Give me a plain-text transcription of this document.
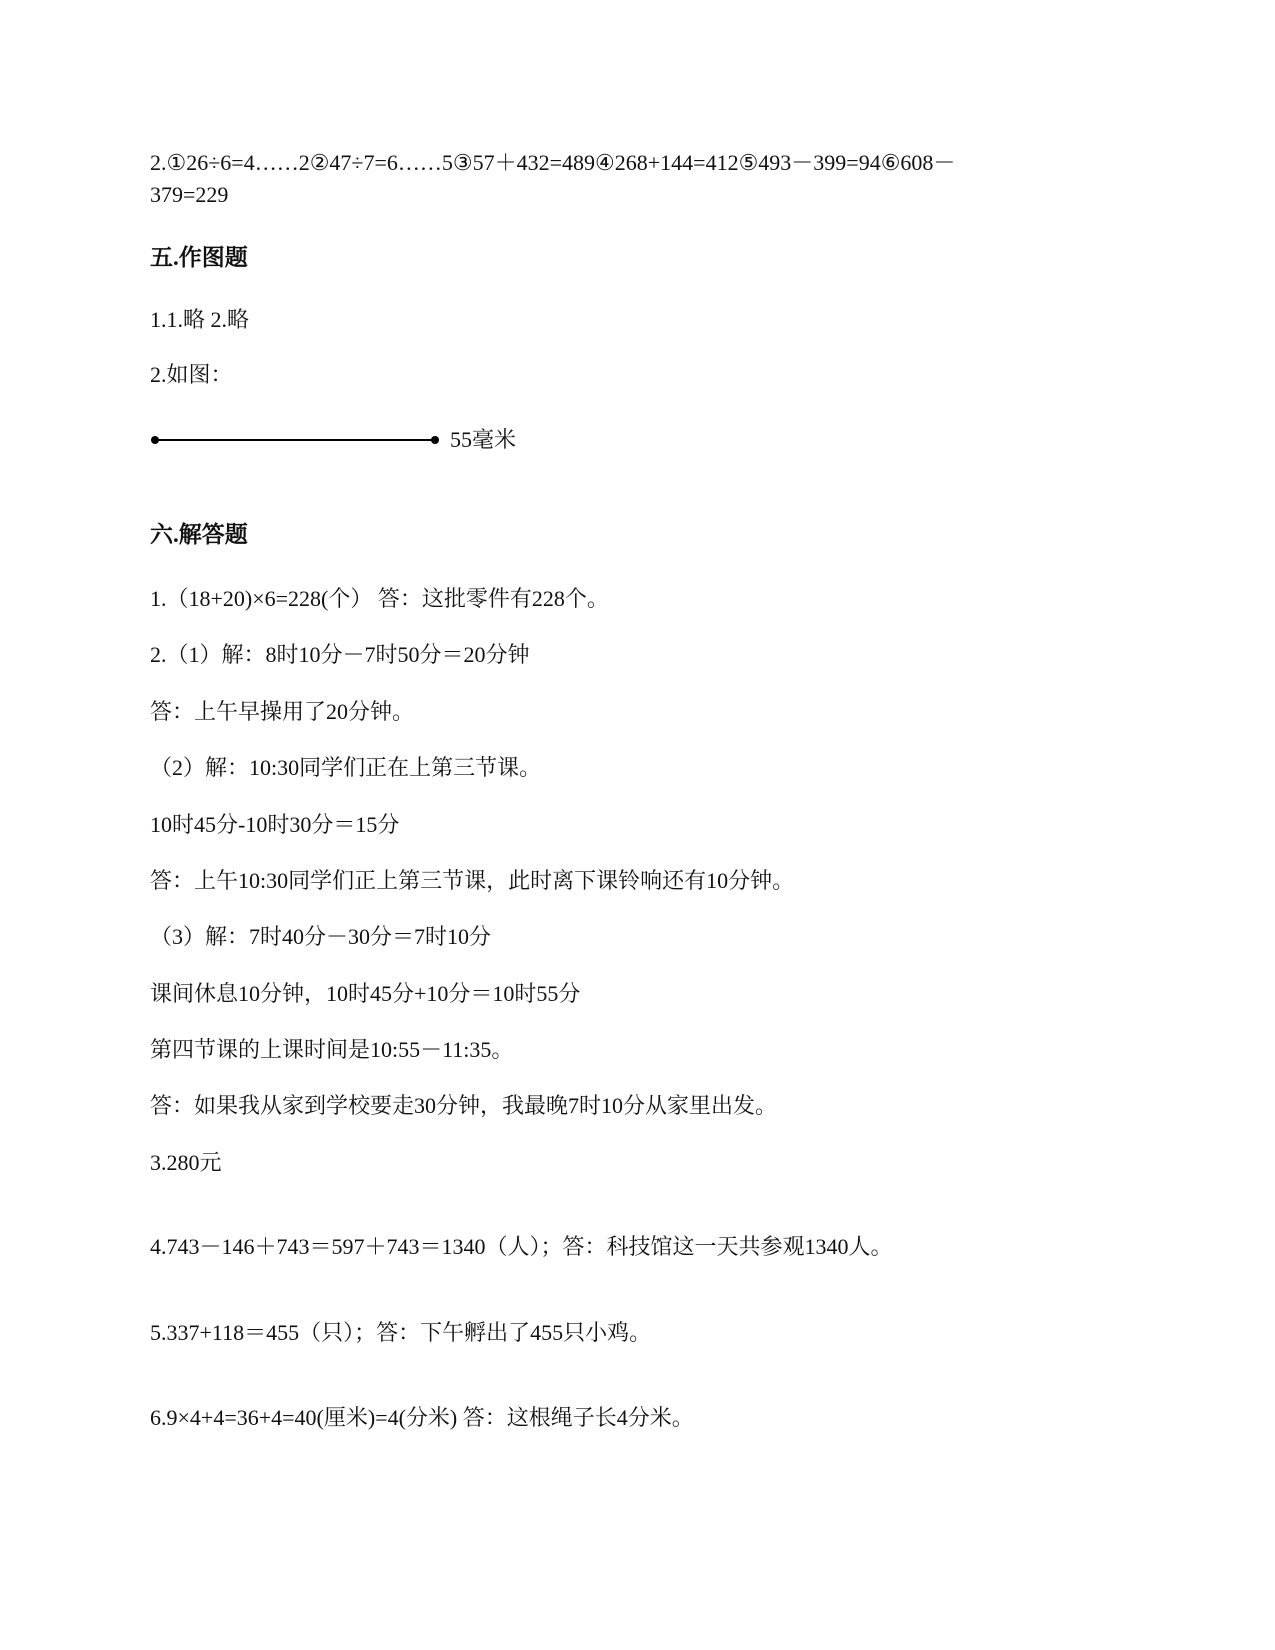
2.①26÷6=4……2②47÷7=6……5③57＋432=489④268+144=412⑤493－399=94⑥608－
379=229
五.作图题
1.1.略 2.略
2.如图：
55毫米
六.解答题
1.（18+20)×6=228(个） 答：这批零件有228个。
2.（1）解：8时10分－7时50分＝20分钟
答：上午早操用了20分钟。
（2）解：10:30同学们正在上第三节课。
10时45分-10时30分＝15分
答：上午10:30同学们正上第三节课，此时离下课铃响还有10分钟。
（3）解：7时40分－30分＝7时10分
课间休息10分钟，10时45分+10分＝10时55分
第四节课的上课时间是10:55－11:35。
答：如果我从家到学校要走30分钟，我最晚7时10分从家里出发。
3.280元
4.743－146＋743＝597＋743＝1340（人）；答：科技馆这一天共参观1340人。
5.337+118＝455（只）；答：下午孵出了455只小鸡。
6.9×4+4=36+4=40(厘米)=4(分米) 答：这根绳子长4分米。
